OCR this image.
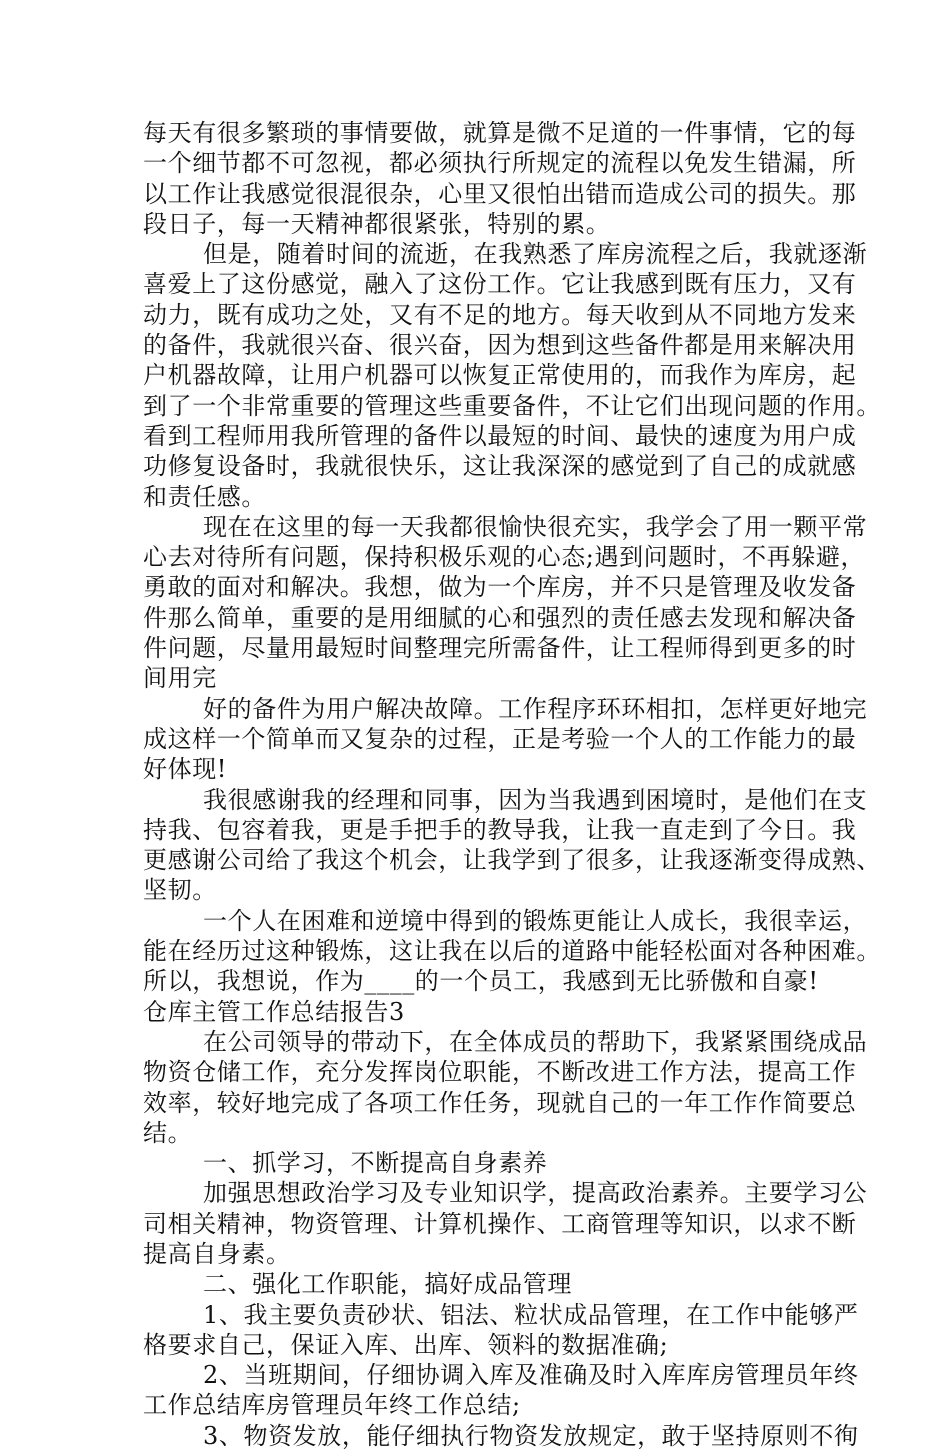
每天有很多繁琐的事情要做，就算是微不足道的一件事情，它的每
一个细节都不可忽视，都必须执行所规定的流程以免发生错漏，所
以工作让我感觉很混很杂，心里又很怕出错而造成公司的损失。那
段日子，每一天精神都很紧张，特别的累。
但是，随着时间的流逝，在我熟悉了库房流程之后，我就逐渐
喜爱上了这份感觉，融入了这份工作。它让我感到既有压力，又有
动力，既有成功之处，又有不足的地方。每天收到从不同地方发来
的备件，我就很兴奋、很兴奋，因为想到这些备件都是用来解决用
户机器故障，让用户机器可以恢复正常使用的，而我作为库房，起
到了一个非常重要的管理这些重要备件，不让它们出现问题的作用。
看到工程师用我所管理的备件以最短的时间、最快的速度为用户成
功修复设备时，我就很快乐，这让我深深的感觉到了自己的成就感
和责任感。
现在在这里的每一天我都很愉快很充实，我学会了用一颗平常
心去对待所有问题，保持积极乐观的心态;遇到问题时，不再躲避，
勇敢的面对和解决。我想，做为一个库房，并不只是管理及收发备
件那么简单，重要的是用细腻的心和强烈的责任感去发现和解决备
件问题，尽量用最短时间整理完所需备件，让工程师得到更多的时
间用完
好的备件为用户解决故障。工作程序环环相扣，怎样更好地完
成这样一个简单而又复杂的过程，正是考验一个人的工作能力的最
好体现!
我很感谢我的经理和同事，因为当我遇到困境时，是他们在支
持我、包容着我，更是手把手的教导我，让我一直走到了今日。我
更感谢公司给了我这个机会，让我学到了很多，让我逐渐变得成熟、
坚韧。
一个人在困难和逆境中得到的锻炼更能让人成长，我很幸运，
能在经历过这种锻炼，这让我在以后的道路中能轻松面对各种困难。
所以，我想说，作为____的一个员工，我感到无比骄傲和自豪!
仓库主管工作总结报告3
在公司领导的带动下，在全体成员的帮助下，我紧紧围绕成品
物资仓储工作，充分发挥岗位职能，不断改进工作方法，提高工作
效率，较好地完成了各项工作任务，现就自己的一年工作作简要总
结。
一、抓学习，不断提高自身素养
加强思想政治学习及专业知识学，提高政治素养。主要学习公
司相关精神，物资管理、计算机操作、工商管理等知识，以求不断
提高自身素。
二、强化工作职能，搞好成品管理
1、我主要负责砂状、铝法、粒状成品管理，在工作中能够严
格要求自己，保证入库、出库、领料的数据准确;
2、当班期间，仔细协调入库及准确及时入库库房管理员年终
工作总结库房管理员年终工作总结;
3、物资发放，能仔细执行物资发放规定，敢于坚持原则不徇
